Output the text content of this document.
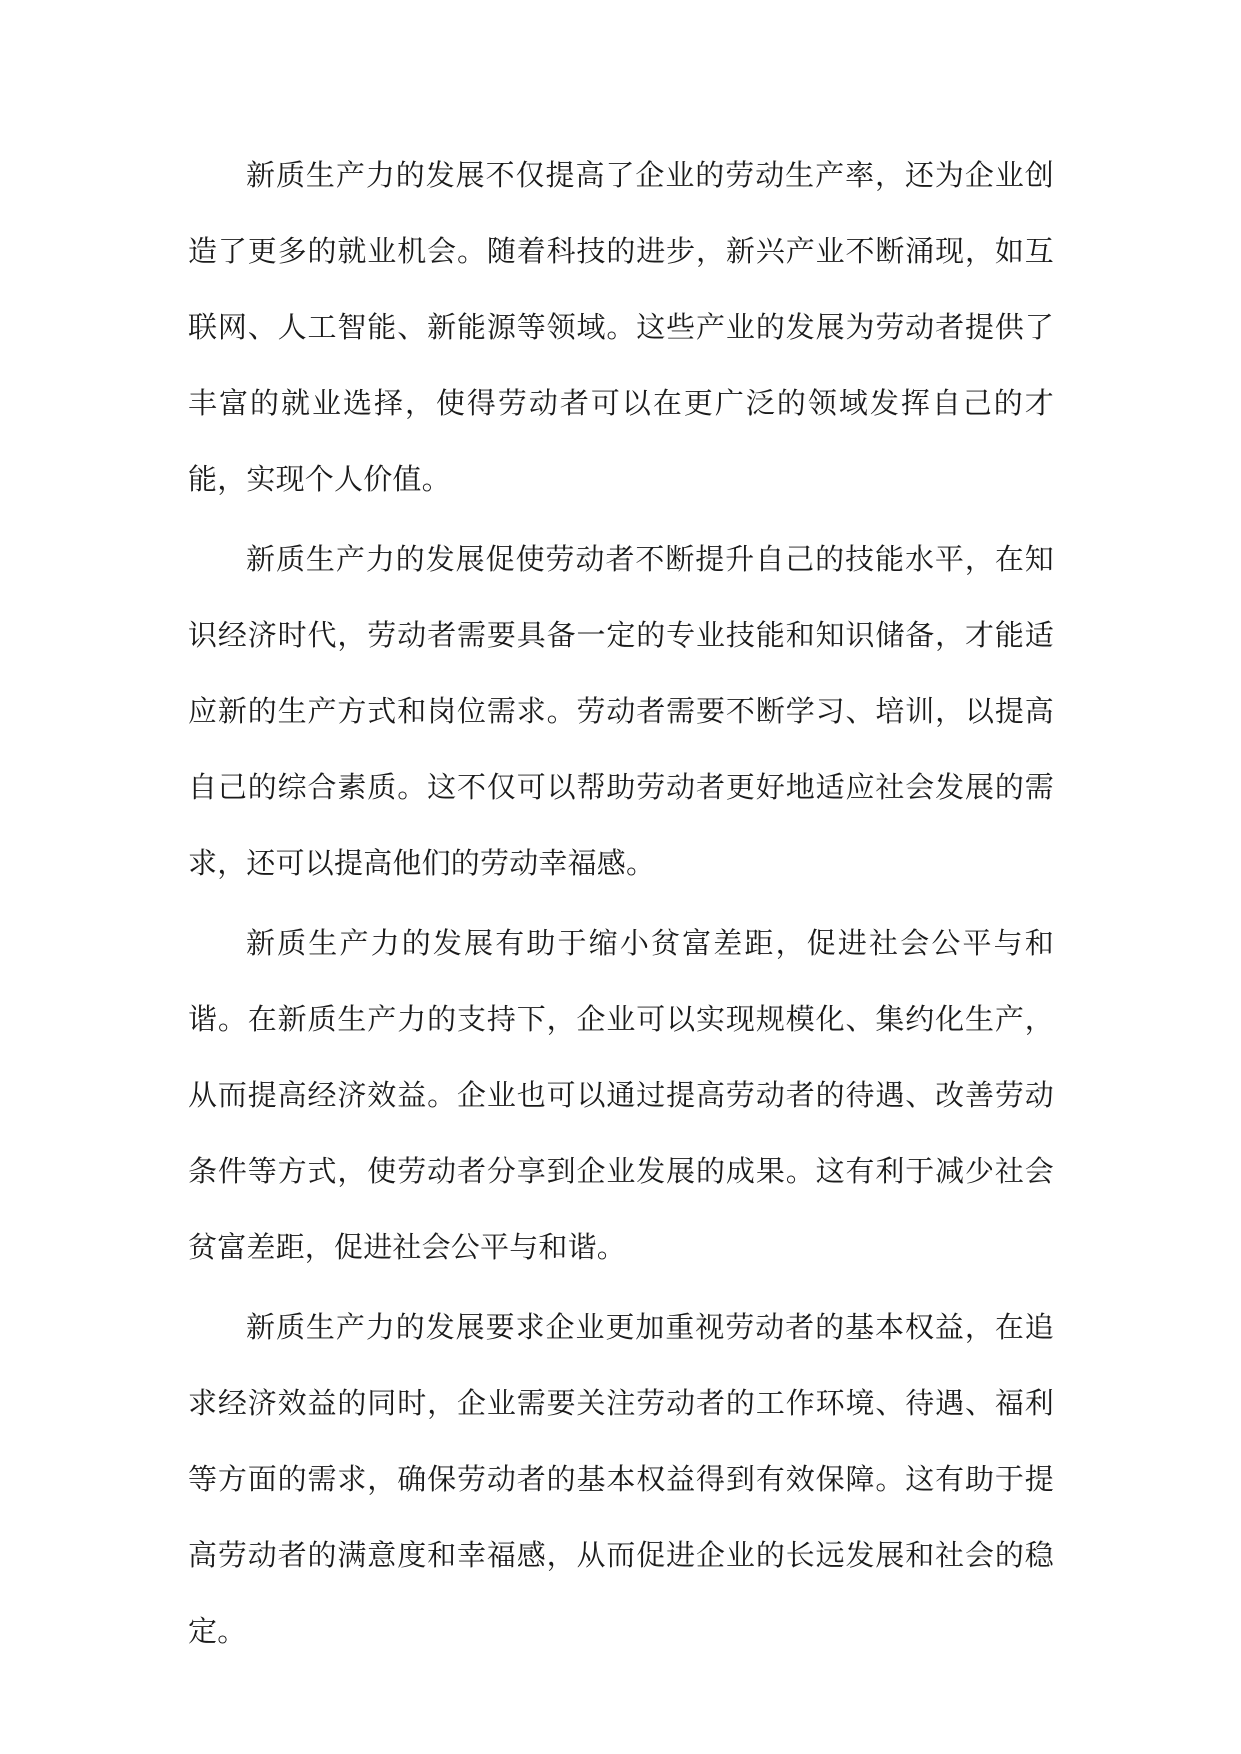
新质生产力的发展不仅提高了企业的劳动生产率，还为企业创造了更多的就业机会。随着科技的进步，新兴产业不断涌现，如互联网、人工智能、新能源等领域。这些产业的发展为劳动者提供了丰富的就业选择，使得劳动者可以在更广泛的领域发挥自己的才能，实现个人价值。

新质生产力的发展促使劳动者不断提升自己的技能水平，在知识经济时代，劳动者需要具备一定的专业技能和知识储备，才能适应新的生产方式和岗位需求。劳动者需要不断学习、培训，以提高自己的综合素质。这不仅可以帮助劳动者更好地适应社会发展的需求，还可以提高他们的劳动幸福感。

新质生产力的发展有助于缩小贫富差距，促进社会公平与和谐。在新质生产力的支持下，企业可以实现规模化、集约化生产，从而提高经济效益。企业也可以通过提高劳动者的待遇、改善劳动条件等方式，使劳动者分享到企业发展的成果。这有利于减少社会贫富差距，促进社会公平与和谐。

新质生产力的发展要求企业更加重视劳动者的基本权益，在追求经济效益的同时，企业需要关注劳动者的工作环境、待遇、福利等方面的需求，确保劳动者的基本权益得到有效保障。这有助于提高劳动者的满意度和幸福感，从而促进企业的长远发展和社会的稳定。
